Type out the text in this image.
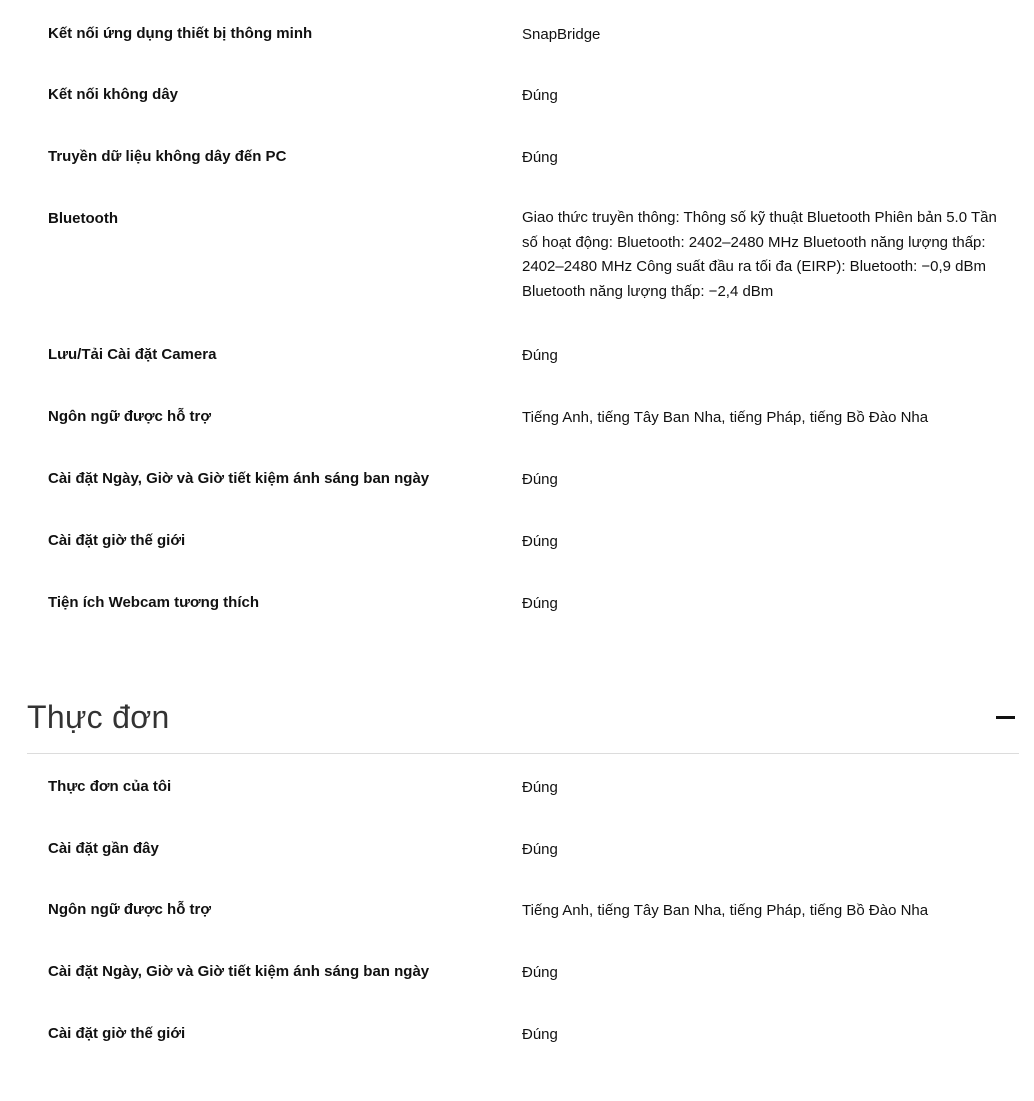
Kết nối ứng dụng thiết bị thông minh	SnapBridge
Kết nối không dây	Đúng
Truyền dữ liệu không dây đến PC	Đúng
Bluetooth	Giao thức truyền thông: Thông số kỹ thuật Bluetooth Phiên bản 5.0 Tần số hoạt động: Bluetooth: 2402–2480 MHz Bluetooth năng lượng thấp: 2402–2480 MHz Công suất đầu ra tối đa (EIRP): Bluetooth: −0,9 dBm Bluetooth năng lượng thấp: −2,4 dBm
Lưu/Tải Cài đặt Camera	Đúng
Ngôn ngữ được hỗ trợ	Tiếng Anh, tiếng Tây Ban Nha, tiếng Pháp, tiếng Bồ Đào Nha
Cài đặt Ngày, Giờ và Giờ tiết kiệm ánh sáng ban ngày	Đúng
Cài đặt giờ thế giới	Đúng
Tiện ích Webcam tương thích	Đúng
Thực đơn
Thực đơn của tôi	Đúng
Cài đặt gần đây	Đúng
Ngôn ngữ được hỗ trợ	Tiếng Anh, tiếng Tây Ban Nha, tiếng Pháp, tiếng Bồ Đào Nha
Cài đặt Ngày, Giờ và Giờ tiết kiệm ánh sáng ban ngày	Đúng
Cài đặt giờ thế giới	Đúng
